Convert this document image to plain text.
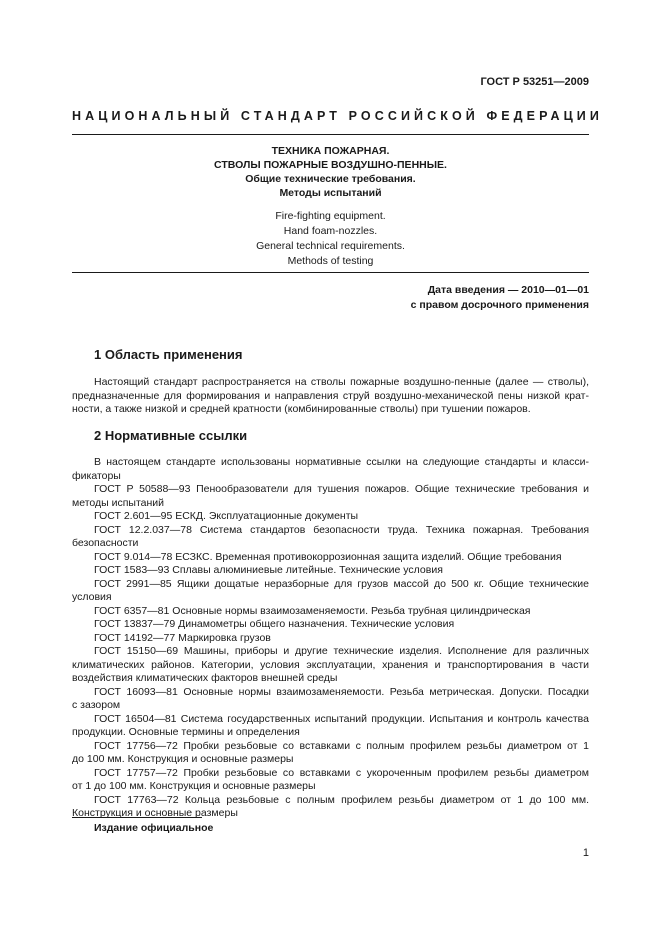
ГОСТ Р 53251—2009
НАЦИОНАЛЬНЫЙ СТАНДАРТ РОССИЙСКОЙ ФЕДЕРАЦИИ
ТЕХНИКА ПОЖАРНАЯ.
СТВОЛЫ ПОЖАРНЫЕ ВОЗДУШНО-ПЕННЫЕ.
Общие технические требования.
Методы испытаний
Fire-fighting equipment.
Hand foam-nozzles.
General technical requirements.
Methods of testing
Дата введения — 2010—01—01
с правом досрочного применения
1 Область применения
Настоящий стандарт распространяется на стволы пожарные воздушно-пенные (далее — стволы),
предназначенные для формирования и направления струй воздушно-механической пены низкой крат-
ности, а также низкой и средней кратности (комбинированные стволы) при тушении пожаров.
2 Нормативные ссылки
В настоящем стандарте использованы нормативные ссылки на следующие стандарты и класси-
фикаторы
ГОСТ Р 50588—93 Пенообразователи для тушения пожаров. Общие технические требования и
методы испытаний
ГОСТ 2.601—95 ЕСКД. Эксплуатационные документы
ГОСТ 12.2.037—78 Система стандартов безопасности труда. Техника пожарная. Требования
безопасности
ГОСТ 9.014—78 ЕСЗКС. Временная противокоррозионная защита изделий. Общие требования
ГОСТ 1583—93 Сплавы алюминиевые литейные. Технические условия
ГОСТ 2991—85 Ящики дощатые неразборные для грузов массой до 500 кг. Общие технические
условия
ГОСТ 6357—81 Основные нормы взаимозаменяемости. Резьба трубная цилиндрическая
ГОСТ 13837—79 Динамометры общего назначения. Технические условия
ГОСТ 14192—77 Маркировка грузов
ГОСТ 15150—69 Машины, приборы и другие технические изделия. Исполнение для различных
климатических районов. Категории, условия эксплуатации, хранения и транспортирования в части
воздействия климатических факторов внешней среды
ГОСТ 16093—81 Основные нормы взаимозаменяемости. Резьба метрическая. Допуски. Посадки
с зазором
ГОСТ 16504—81 Система государственных испытаний продукции. Испытания и контроль качества
продукции. Основные термины и определения
ГОСТ 17756—72 Пробки резьбовые со вставками с полным профилем резьбы диаметром от 1
до 100 мм. Конструкция и основные размеры
ГОСТ 17757—72 Пробки резьбовые со вставками с укороченным профилем резьбы диаметром
от 1 до 100 мм. Конструкция и основные размеры
ГОСТ 17763—72 Кольца резьбовые с полным профилем резьбы диаметром от 1 до 100 мм.
Конструкция и основные размеры
Издание официальное
1
